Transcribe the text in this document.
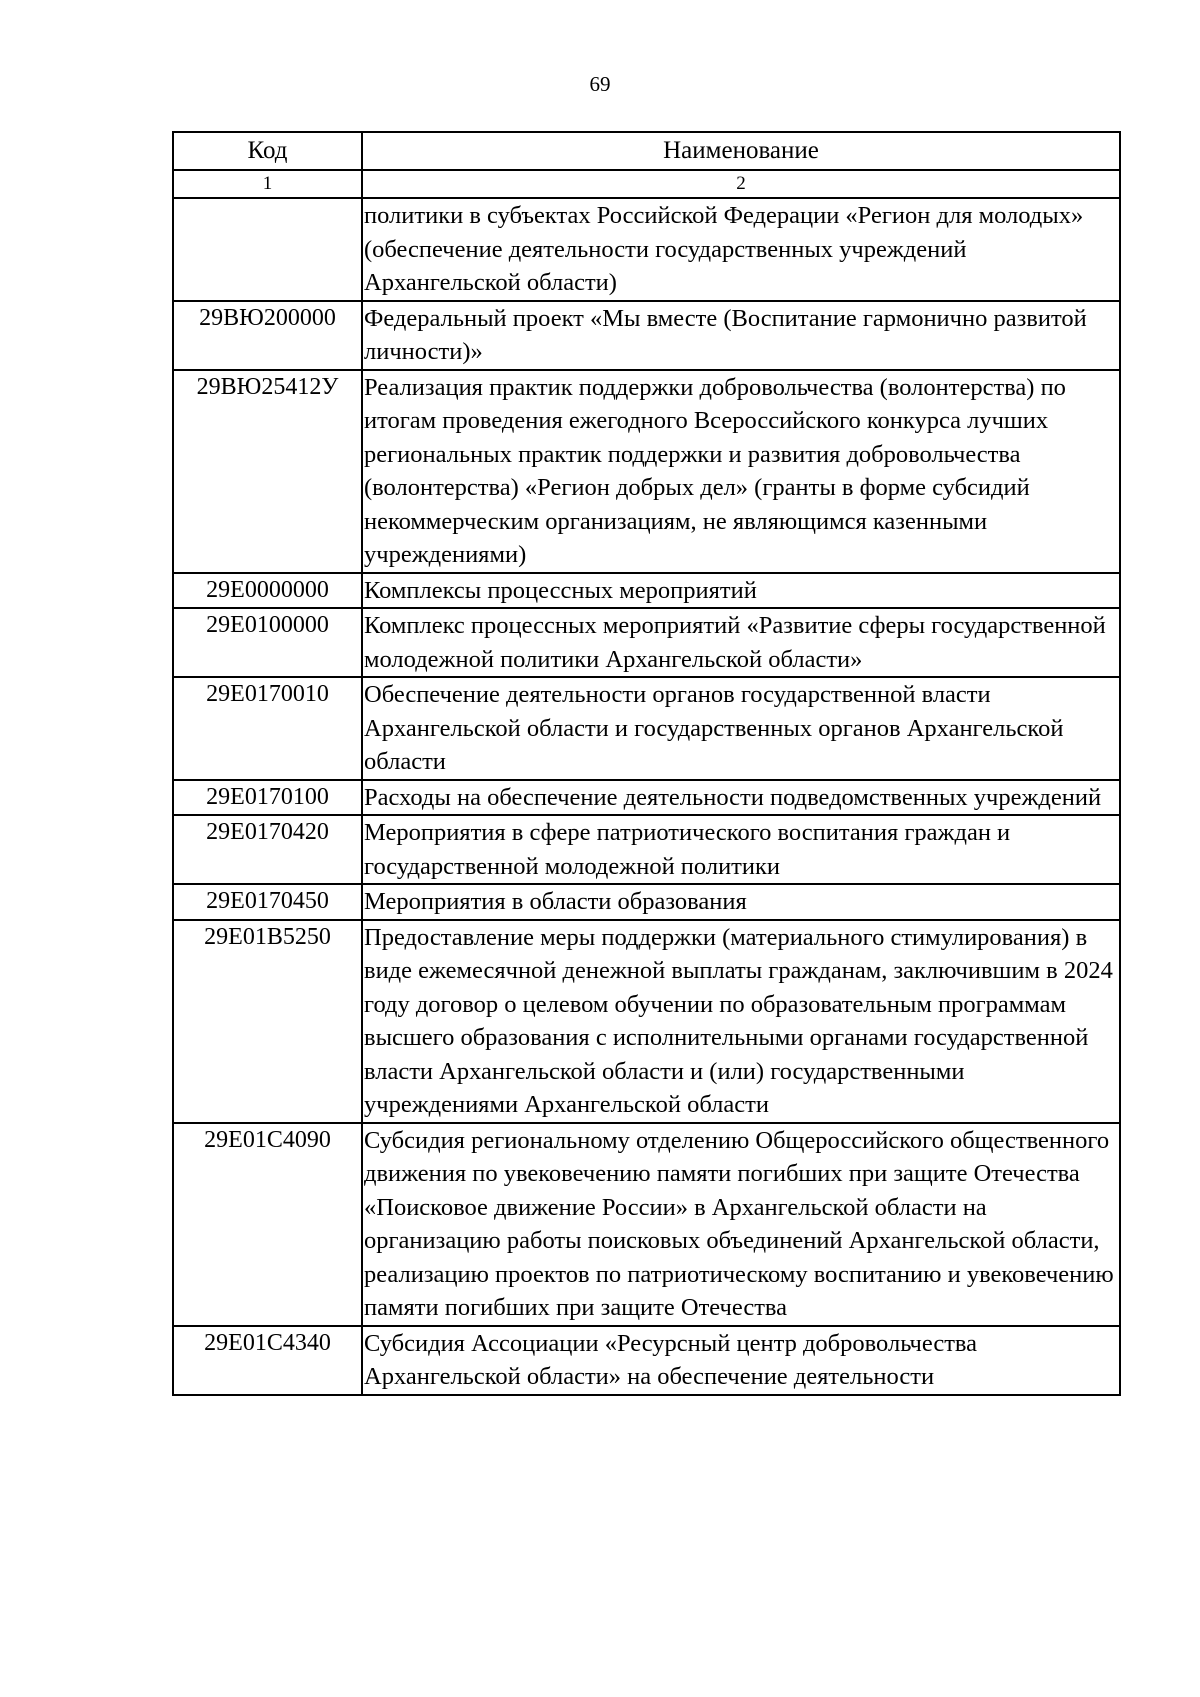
69
Код	Наименование
1	2
	политики в субъектах Российской Федерации «Регион для молодых» (обеспечение деятельности государственных учреждений Архангельской области)
29ВЮ200000	Федеральный проект «Мы вместе (Воспитание гармонично развитой личности)»
29ВЮ25412У	Реализация практик поддержки добровольчества (волонтерства) по итогам проведения ежегодного Всероссийского конкурса лучших региональных практик поддержки и развития добровольчества (волонтерства) «Регион добрых дел» (гранты в форме субсидий некоммерческим организациям, не являющимся казенными учреждениями)
29Е0000000	Комплексы процессных мероприятий
29Е0100000	Комплекс процессных мероприятий «Развитие сферы государственной молодежной политики Архангельской области»
29Е0170010	Обеспечение деятельности органов государственной власти Архангельской области и государственных органов Архангельской области
29Е0170100	Расходы на обеспечение деятельности подведомственных учреждений
29Е0170420	Мероприятия в сфере патриотического воспитания граждан и государственной молодежной политики
29Е0170450	Мероприятия в области образования
29Е01В5250	Предоставление меры поддержки (материального стимулирования) в виде ежемесячной денежной выплаты гражданам, заключившим в 2024 году договор о целевом обучении по образовательным программам высшего образования с исполнительными органами государственной власти Архангельской области и (или) государственными учреждениями Архангельской области
29Е01С4090	Субсидия региональному отделению Общероссийского общественного движения по увековечению памяти погибших при защите Отечества «Поисковое движение России» в Архангельской области на организацию работы поисковых объединений Архангельской области, реализацию проектов по патриотическому воспитанию и увековечению памяти погибших при защите Отечества
29Е01С4340	Субсидия Ассоциации «Ресурсный центр добровольчества Архангельской области» на обеспечение деятельности
